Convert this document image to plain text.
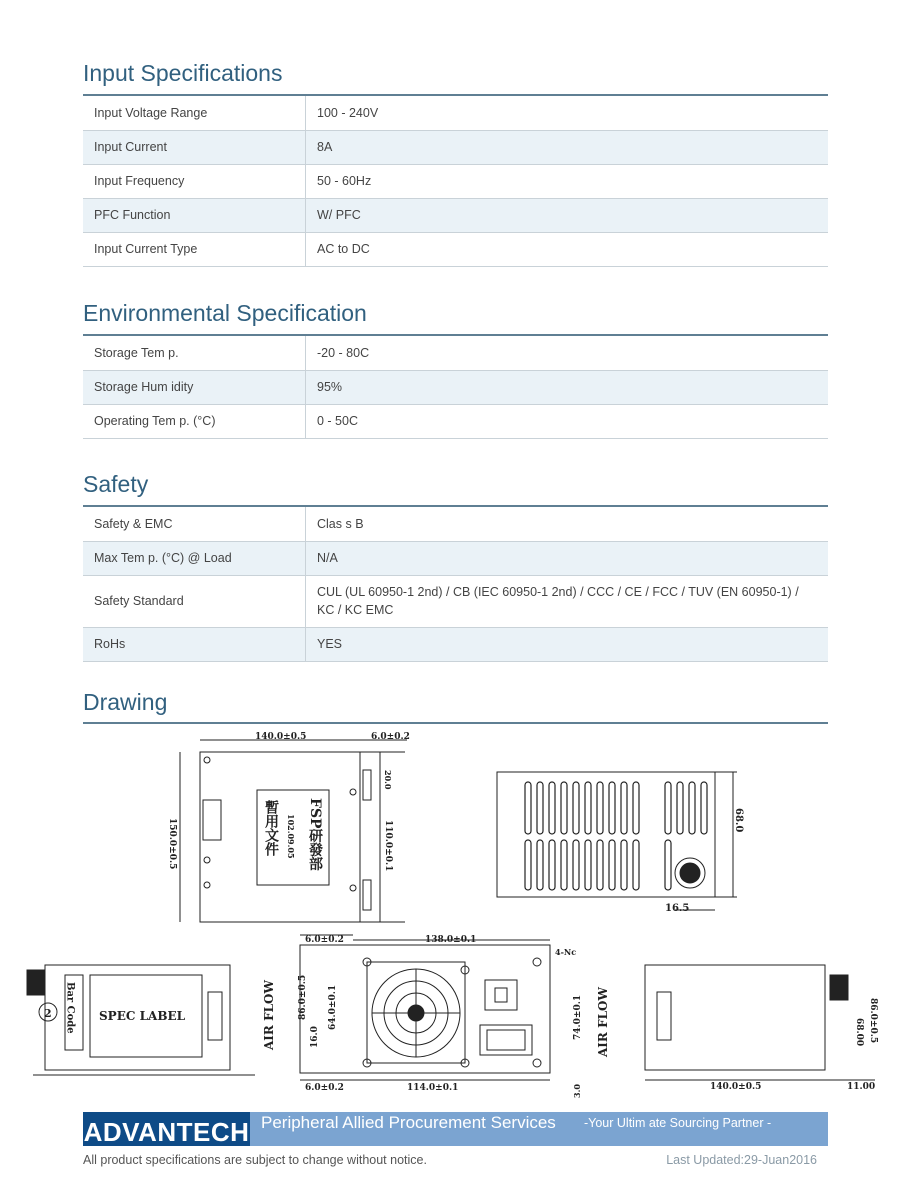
Input Specifications
Input Voltage Range	100 - 240V
Input Current	8A
Input Frequency	50 - 60Hz
PFC Function	W/ PFC
Input Current Type	AC to DC
Environmental Specification
Storage Tem p.	-20 - 80C
Storage Hum idity	95%
Operating Tem p. (°C)	0 - 50C
Safety
Safety & EMC	Clas s B
Max Tem p. (°C) @ Load	N/A
Safety Standard	CUL (UL 60950-1 2nd) / CB (IEC 60950-1 2nd) / CCC / CE / FCC / TUV (EN 60950-1) / KC / KC EMC
RoHs	YES
Drawing
140.0±0.5	6.0±0.2
20.0
150.0±0.5	110.0±0.1
FSP研發部
102.09.05
暫用文件	68.0
16.5
Bar Code
2	SPEC LABEL	AIR FLOW
6.0±0.2	138.0±0.1
4-Nc
86.0±0.5 64.0±0.1
16.0	74.0±0.1 AIR FLOW
6.0±0.2	114.0±0.1	3.0	140.0±0.5	11.00
68.00 86.0±0.5
ADVANTECH Peripheral Allied Procurement Services -Your Ultim ate Sourcing Partner -
All product specifications are subject to change without notice.	Last Updated:29-Juan2016
